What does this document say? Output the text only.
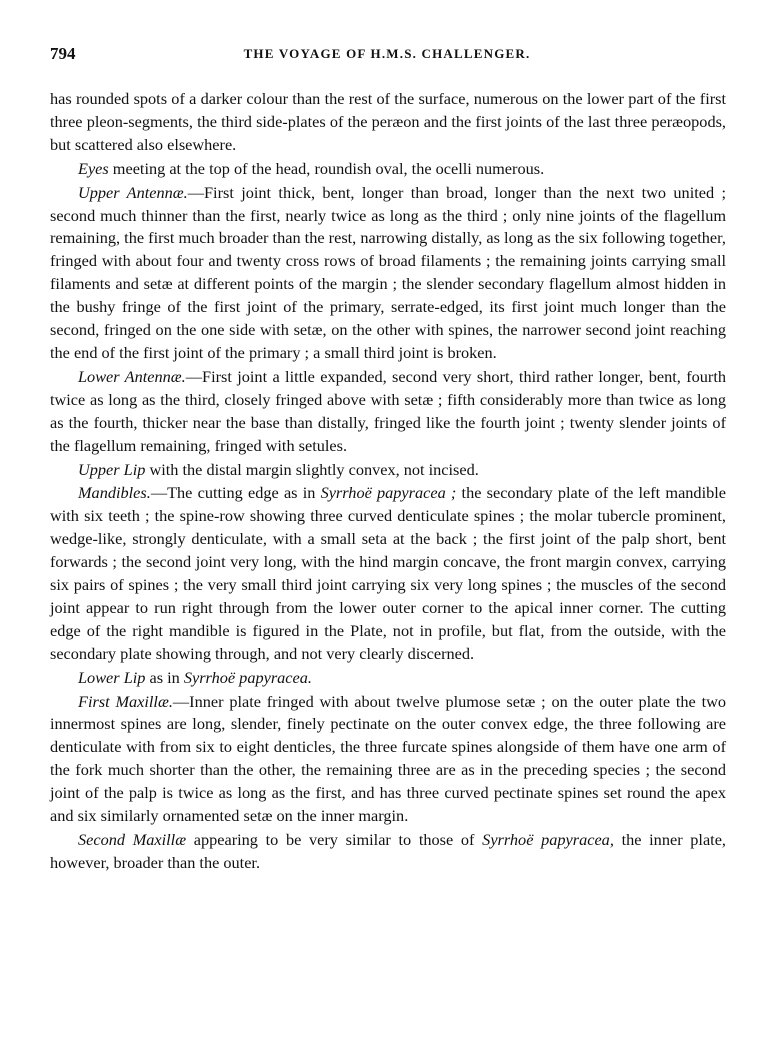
794	THE VOYAGE OF H.M.S. CHALLENGER.

has rounded spots of a darker colour than the rest of the surface, numerous on the lower part of the first three pleon-segments, the third side-plates of the peræon and the first joints of the last three peræopods, but scattered also elsewhere.

Eyes meeting at the top of the head, roundish oval, the ocelli numerous.

Upper Antennæ.—First joint thick, bent, longer than broad, longer than the next two united ; second much thinner than the first, nearly twice as long as the third ; only nine joints of the flagellum remaining, the first much broader than the rest, narrowing distally, as long as the six following together, fringed with about four and twenty cross rows of broad filaments ; the remaining joints carrying small filaments and setæ at different points of the margin ; the slender secondary flagellum almost hidden in the bushy fringe of the first joint of the primary, serrate-edged, its first joint much longer than the second, fringed on the one side with setæ, on the other with spines, the narrower second joint reaching the end of the first joint of the primary ; a small third joint is broken.

Lower Antennæ.—First joint a little expanded, second very short, third rather longer, bent, fourth twice as long as the third, closely fringed above with setæ ; fifth considerably more than twice as long as the fourth, thicker near the base than distally, fringed like the fourth joint ; twenty slender joints of the flagellum remaining, fringed with setules.

Upper Lip with the distal margin slightly convex, not incised.

Mandibles.—The cutting edge as in Syrrhoë papyracea ; the secondary plate of the left mandible with six teeth ; the spine-row showing three curved denticulate spines ; the molar tubercle prominent, wedge-like, strongly denticulate, with a small seta at the back ; the first joint of the palp short, bent forwards ; the second joint very long, with the hind margin concave, the front margin convex, carrying six pairs of spines ; the very small third joint carrying six very long spines ; the muscles of the second joint appear to run right through from the lower outer corner to the apical inner corner. The cutting edge of the right mandible is figured in the Plate, not in profile, but flat, from the outside, with the secondary plate showing through, and not very clearly discerned.

Lower Lip as in Syrrhoë papyracea.

First Maxillæ.—Inner plate fringed with about twelve plumose setæ ; on the outer plate the two innermost spines are long, slender, finely pectinate on the outer convex edge, the three following are denticulate with from six to eight denticles, the three furcate spines alongside of them have one arm of the fork much shorter than the other, the remaining three are as in the preceding species ; the second joint of the palp is twice as long as the first, and has three curved pectinate spines set round the apex and six similarly ornamented setæ on the inner margin.

Second Maxillæ appearing to be very similar to those of Syrrhoë papyracea, the inner plate, however, broader than the outer.
